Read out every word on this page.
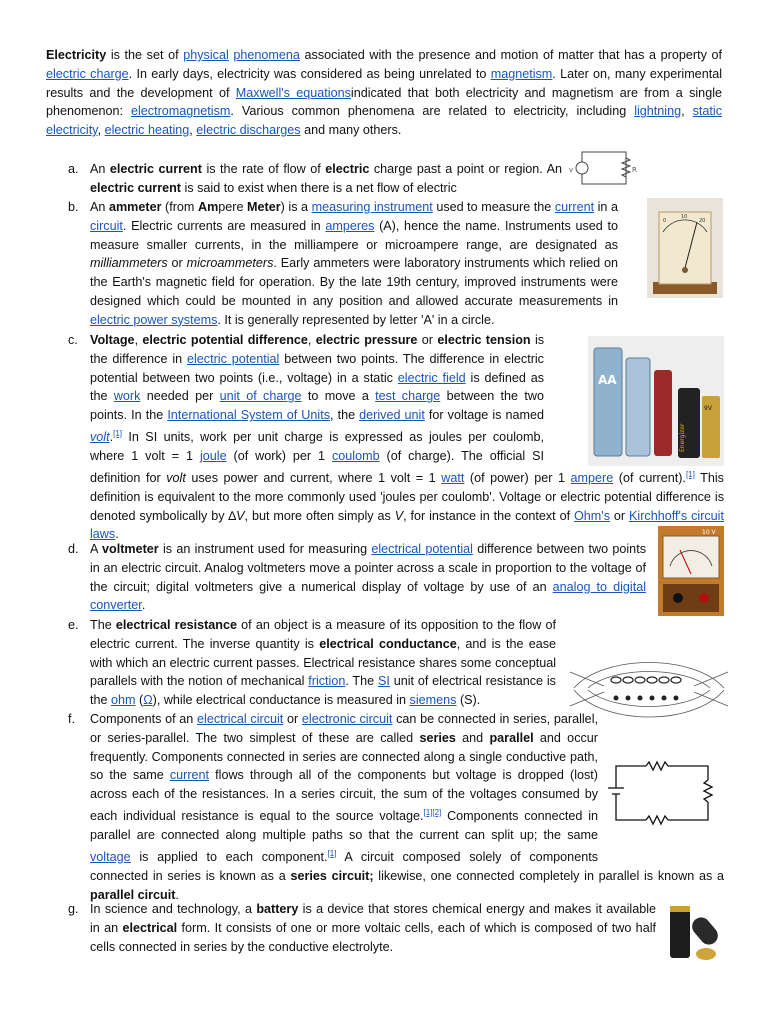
Electricity is the set of physical phenomena associated with the presence and motion of matter that has a property of electric charge. In early days, electricity was considered as being unrelated to magnetism. Later on, many experimental results and the development of Maxwell's equationsindicated that both electricity and magnetism are from a single phenomenon: electromagnetism. Various common phenomena are related to electricity, including lightning, static electricity, electric heating, electric discharges and many others.
a. An electric current is the rate of flow of electric charge past a point or region. An electric current is said to exist when there is a net flow of electric
b. An ammeter (from Ampere Meter) is a measuring instrument used to measure the current in a circuit. Electric currents are measured in amperes (A), hence the name. Instruments used to measure smaller currents, in the milliampere or microampere range, are designated as milliammeters or microammeters. Early ammeters were laboratory instruments which relied on the Earth's magnetic field for operation. By the late 19th century, improved instruments were designed which could be mounted in any position and allowed accurate measurements in electric power systems. It is generally represented by letter 'A' in a circle.
c. Voltage, electric potential difference, electric pressure or electric tension is the difference in electric potential between two points. The difference in electric potential between two points (i.e., voltage) in a static electric field is defined as the work needed per unit of charge to move a test charge between the two points. In the International System of Units, the derived unit for voltage is named volt.[1] In SI units, work per unit charge is expressed as joules per coulomb, where 1 volt = 1 joule (of work) per 1 coulomb (of charge). The official SI definition for volt uses power and current, where 1 volt = 1 watt (of power) per 1 ampere (of current).[1] This definition is equivalent to the more commonly used 'joules per coulomb'. Voltage or electric potential difference is denoted symbolically by ∆V, but more often simply as V, for instance in the context of Ohm's or Kirchhoff's circuit laws.
d. A voltmeter is an instrument used for measuring electrical potential difference between two points in an electric circuit. Analog voltmeters move a pointer across a scale in proportion to the voltage of the circuit; digital voltmeters give a numerical display of voltage by use of an analog to digital converter.
e. The electrical resistance of an object is a measure of its opposition to the flow of electric current. The inverse quantity is electrical conductance, and is the ease with which an electric current passes. Electrical resistance shares some conceptual parallels with the notion of mechanical friction. The SI unit of electrical resistance is the ohm (Ω), while electrical conductance is measured in siemens (S).
f.	Components of an electrical circuit or electronic circuit can be connected in series, parallel, or series-parallel. The two simplest of these are called series and parallel and occur frequently. Components connected in series are connected along a single conductive path, so the same current flows through all of the components but voltage is dropped (lost) across each of the resistances. In a series circuit, the sum of the voltages consumed by each individual resistance is equal to the source voltage.[1][2] Components connected in parallel are connected along multiple paths so that the current can split up; the same voltage is applied to each component.[1] A circuit composed solely of components connected in series is known as a series circuit; likewise, one connected completely in parallel is known as a parallel circuit.
g. In science and technology, a battery is a device that stores chemical energy and makes it available in an electrical form. It consists of one or more voltaic cells, each of which is composed of two half cells connected in series by the conductive electrolyte.
v	R
0
10
20
AA
Energizer
9V
10 V
